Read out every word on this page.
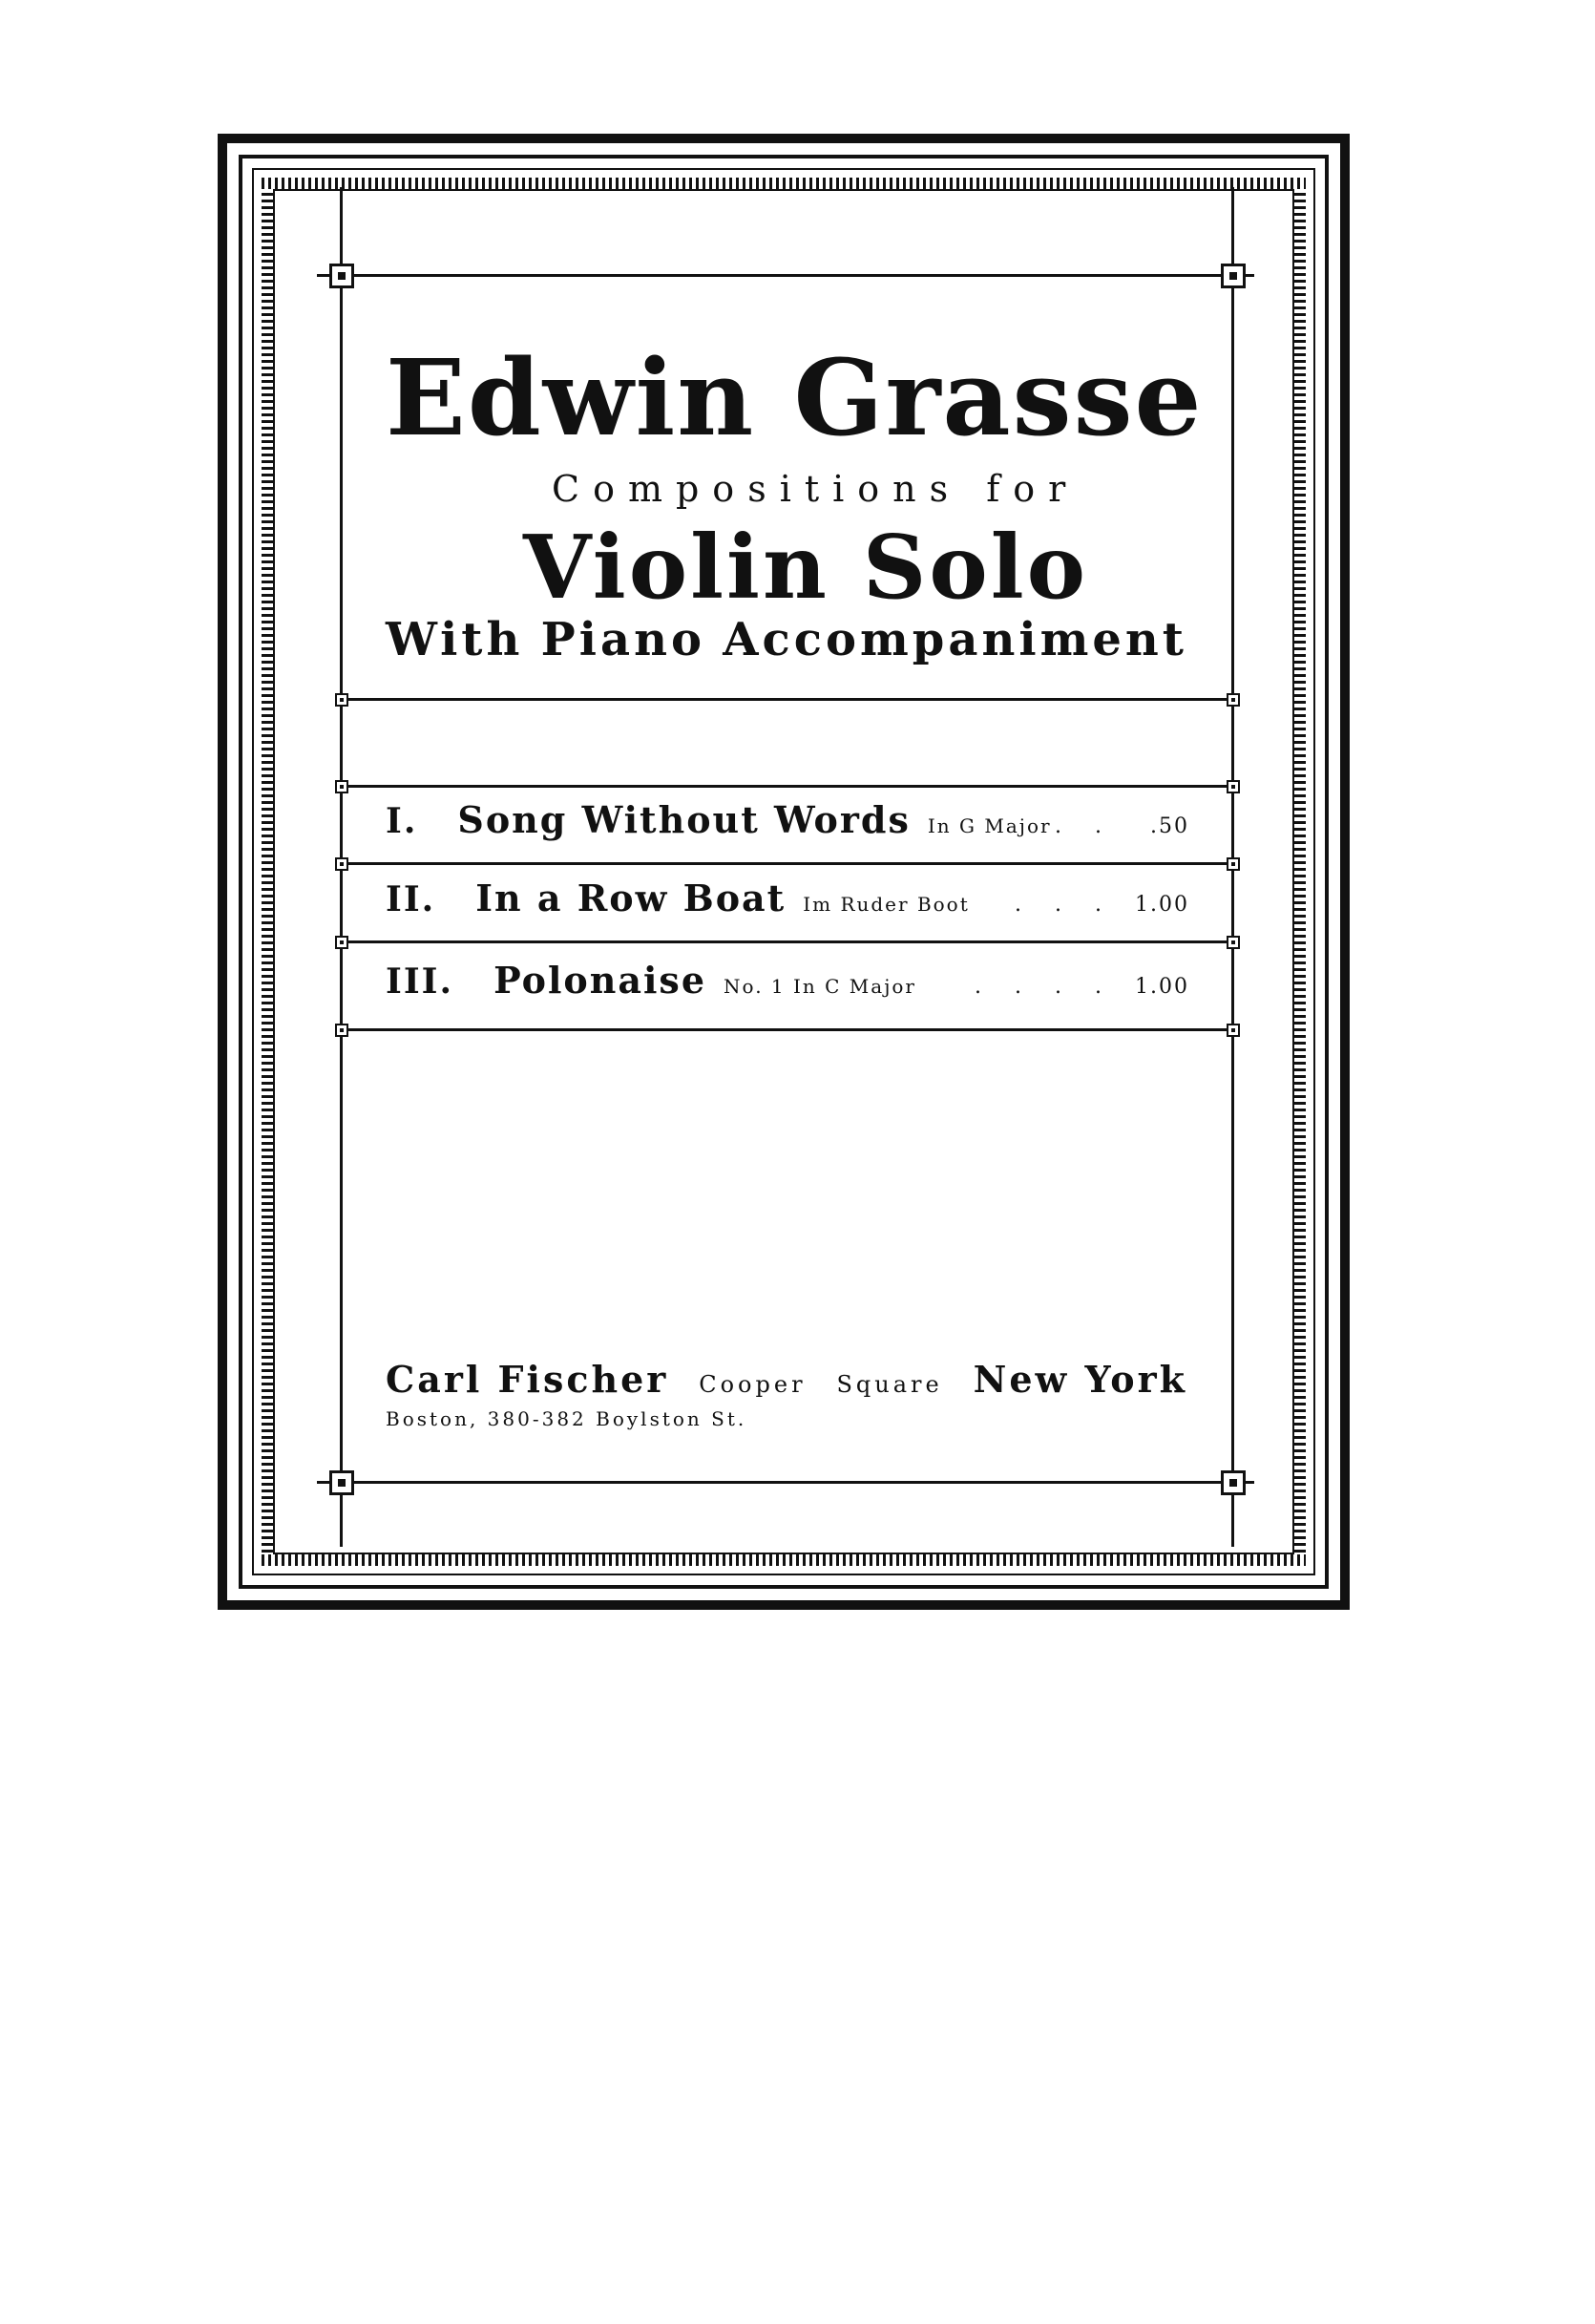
Edwin Grasse
Compositions for
Violin Solo
With Piano Accompaniment
I. Song Without Words In G Major . .	.50
II. In a Row Boat Im Ruder Boot	. . . 1.00
III. Polonaise No. 1 In C Major	. . . . 1.00
Carl Fischer Cooper Square New York
Boston, 380-382 Boylston St.
